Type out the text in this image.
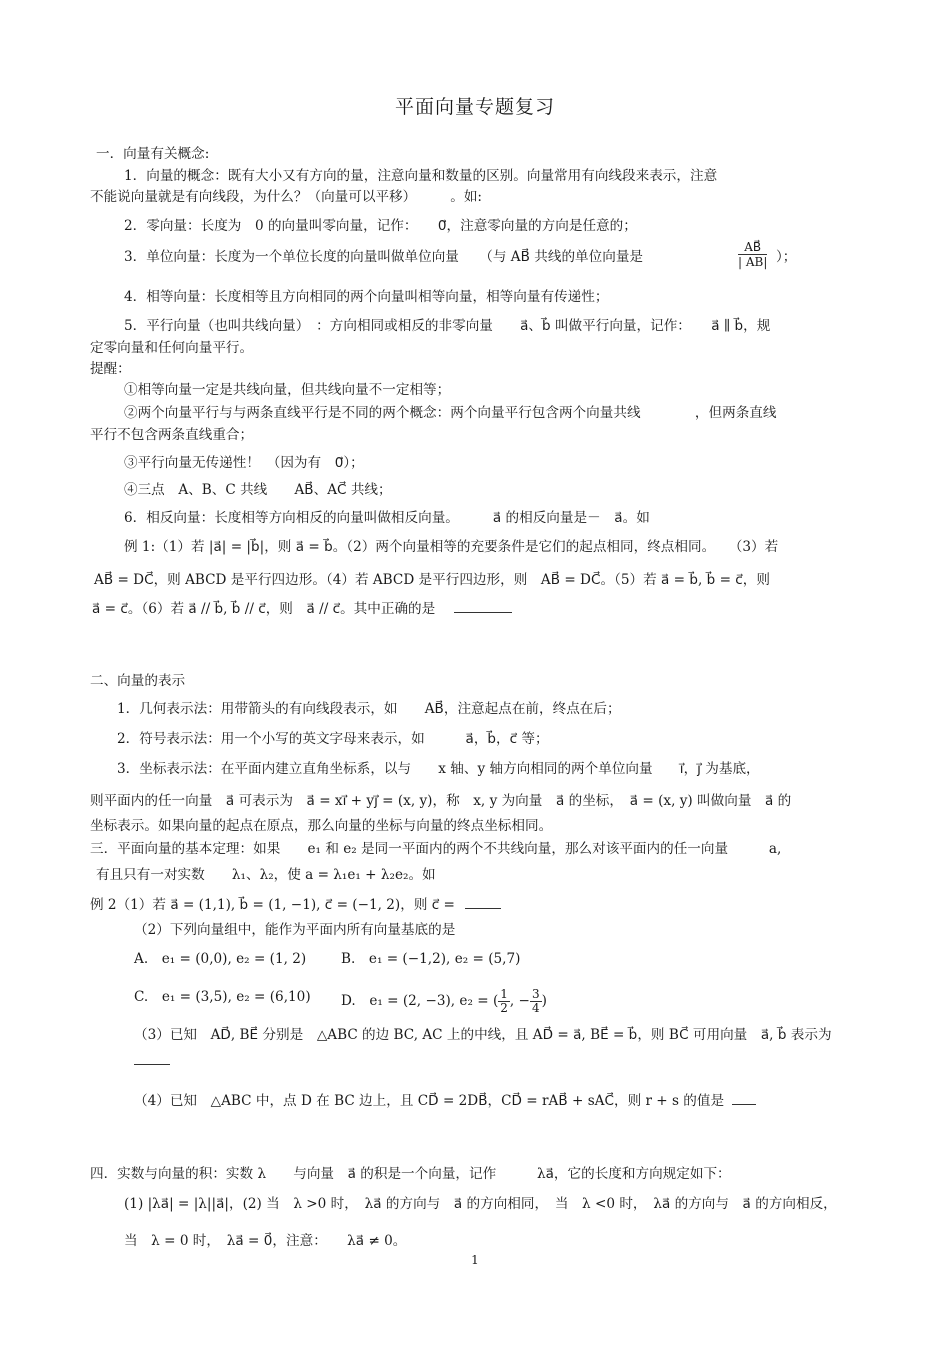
平面向量专题复习
一．向量有关概念:
1．向量的概念：既有大小又有方向的量，注意向量和数量的区别。向量常用有向线段来表示，注意
不能说向量就是有向线段，为什么？（向量可以平移）　　　。如:
2．零向量：长度为　0 的向量叫零向量，记作：　　0⃗，注意零向量的方向是任意的；
3．单位向量：长度为一个单位长度的向量叫做单位向量　　（与 AB⃗ 共线的单位向量是	$\frac{AB⃗}{| AB|}$ ）；
4．相等向量：长度相等且方向相同的两个向量叫相等向量，相等向量有传递性；
5．平行向量（也叫共线向量）　：方向相同或相反的非零向量　　a⃗、b⃗ 叫做平行向量，记作：　　a⃗ ∥ b⃗，规
定零向量和任何向量平行。
提醒：
①相等向量一定是共线向量，但共线向量不一定相等；
②两个向量平行与与两条直线平行是不同的两个概念：两个向量平行包含两个向量共线　　　　，但两条直线
平行不包含两条直线重合；
③平行向量无传递性！　（因为有　0⃗）；
④三点　A、B、C 共线　　AB⃗、AC⃗ 共线；
6．相反向量：长度相等方向相反的向量叫做相反向量。　　　a⃗ 的相反向量是－　a⃗。如
例 1:（1）若 |a⃗| = |b⃗|，则 a⃗ = b⃗。（2）两个向量相等的充要条件是它们的起点相同，终点相同。　　（3）若
AB⃗ = DC⃗，则 ABCD 是平行四边形。（4）若 ABCD 是平行四边形，则　AB⃗ = DC⃗。（5）若 a⃗ = b⃗, b⃗ = c⃗，则
a⃗ = c⃗。（6）若 a⃗ // b⃗, b⃗ // c⃗，则　a⃗ // c⃗。其中正确的是
二、向量的表示
1．几何表示法：用带箭头的有向线段表示，如　　AB⃗，注意起点在前，终点在后；
2．符号表示法：用一个小写的英文字母来表示，如　　　a⃗，b⃗，c⃗ 等；
3．坐标表示法：在平面内建立直角坐标系，以与　　x 轴、y 轴方向相同的两个单位向量　　i⃗，j⃗ 为基底，
则平面内的任一向量　a⃗ 可表示为　a⃗ = xi⃗ + yj⃗ = (x, y)，称　x, y 为向量　a⃗ 的坐标，　a⃗ = (x, y) 叫做向量　a⃗ 的
坐标表示。如果向量的起点在原点，那么向量的坐标与向量的终点坐标相同。
三．平面向量的基本定理：如果　　e₁ 和 e₂ 是同一平面内的两个不共线向量，那么对该平面内的任一向量　　　a,
有且只有一对实数　　λ₁、λ₂，使 a = λ₁e₁ + λ₂e₂。如
例 2（1）若 a⃗ = (1,1), b⃗ = (1, −1), c⃗ = (−1, 2)，则 c⃗ =
（2）下列向量组中，能作为平面内所有向量基底的是
A.　e₁ = (0,0), e₂ = (1, 2)	B.　e₁ = (−1,2), e₂ = (5,7)
C.　e₁ = (3,5), e₂ = (6,10) D.　e₁ = (2, −3), e₂ = ( $\frac{1}{2}$ , − $\frac{3}{4}$ )
（3）已知　AD⃗, BE⃗ 分别是　△ABC 的边 BC, AC 上的中线，且 AD⃗ = a⃗, BE⃗ = b⃗，则 BC⃗ 可用向量　a⃗, b⃗ 表示为
（4）已知　△ABC 中，点 D 在 BC 边上，且 CD⃗ = 2DB⃗，CD⃗ = rAB⃗ + sAC⃗，则 r + s 的值是
四．实数与向量的积：实数 λ　　与向量　a⃗ 的积是一个向量，记作　　　λa⃗，它的长度和方向规定如下：
(1) |λa⃗| = |λ||a⃗|，(2) 当　λ >0 时，　λa⃗ 的方向与　a⃗ 的方向相同，　当　λ <0 时，　λa⃗ 的方向与　a⃗ 的方向相反，
当　λ = 0 时，　λa⃗ = 0⃗，注意：　　λa⃗ ≠ 0。
1
